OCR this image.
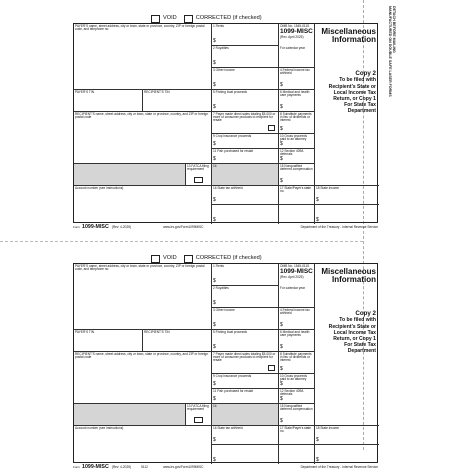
DETACH BEFORE MAILING
MANUFACTURED ON DOUBLE SAFE LASER FORMS
VOID	CORRECTED (if checked)
PAYER'S name, street address, city or town, state or province, country, ZIP or foreign postal code, and telephone no.
1 Rents
$
OMB No. 1545-0115
1099-MISC
(Rev. April 2025)
2 Royalties
$
For calendar year
Miscellaneous
Information
3 Other income
$
4 Federal income tax withheld
$
Copy 2
To be filed with
Recipient's State or
Local Income Tax
Return, or Copy 1
For State Tax
Department
PAYER'S TIN	RECIPIENT'S TIN	5 Fishing boat proceeds
$
6 Medical and health care payments
$
RECIPIENT'S name, street address, city or town, state or province, country, and ZIP or foreign postal code
7 Payer made direct sales totaling $5,000 or more of consumer products to recipient for resale
8 Substitute payments in lieu of dividends or interest
$
9 Crop insurance proceeds
$
10 Gross proceeds paid to an attorney
$
11 Fish purchased for resale
$
12 Section 409A deferrals
$
13 FATCA filing requirement
14	15 Nonqualified deferred compensation
$
Account number (see instructions)	16 State tax withheld
$
$
17 State/Payer's state no.
18 State income
$
$
Form 1099-MISC (Rev. 4-2025)	www.irs.gov/Form1099MISC	Department of the Treasury - Internal Revenue Service
VOID	CORRECTED (if checked)
PAYER'S name, street address, city or town, state or province, country, ZIP or foreign postal code, and telephone no.
1 Rents
$
OMB No. 1545-0115
1099-MISC
(Rev. April 2025)
2 Royalties
$
For calendar year
Miscellaneous
Information
3 Other income
$
4 Federal income tax withheld
$
Copy 2
To be filed with
Recipient's State or
Local Income Tax
Return, or Copy 1
For State Tax
Department
PAYER'S TIN	RECIPIENT'S TIN	5 Fishing boat proceeds
$
6 Medical and health care payments
$
RECIPIENT'S name, street address, city or town, state or province, country, and ZIP or foreign postal code
7 Payer made direct sales totaling $5,000 or more of consumer products to recipient for resale
8 Substitute payments in lieu of dividends or interest
$
9 Crop insurance proceeds
$
10 Gross proceeds paid to an attorney
$
11 Fish purchased for resale
$
12 Section 409A deferrals
$
13 FATCA filing requirement
14	15 Nonqualified deferred compensation
$
Account number (see instructions)	16 State tax withheld
$
$
17 State/Payer's state no.
18 State income
$
$
Form 1099-MISC (Rev. 4-2025)	5112	www.irs.gov/Form1099MISC	Department of the Treasury - Internal Revenue Service
